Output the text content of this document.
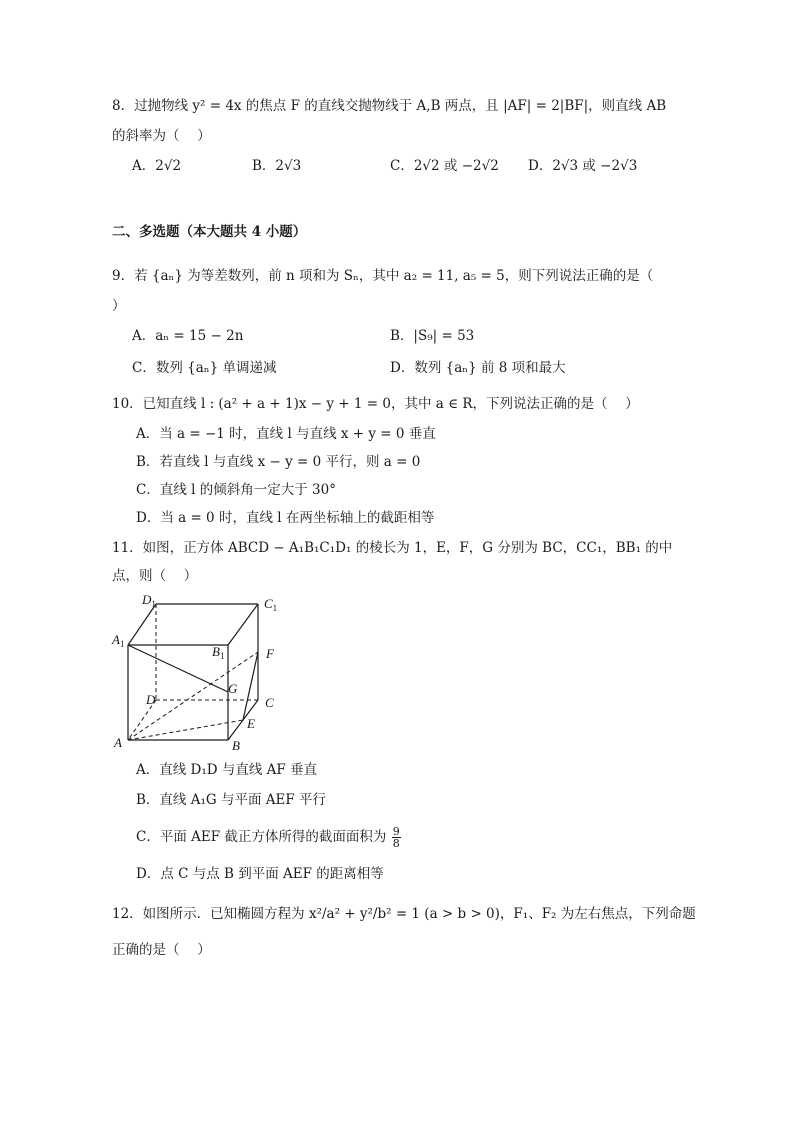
8．过抛物线 y² = 4x 的焦点 F 的直线交抛物线于 A,B 两点，且 |AF| = 2|BF|，则直线 AB
的斜率为（　 ）
A．2√2	B．2√3	C．2√2 或 −2√2 D．2√3 或 −2√3
二、多选题（本大题共 4 小题）
9．若 {aₙ} 为等差数列，前 n 项和为 Sₙ，其中 a₂ = 11, a₅ = 5，则下列说法正确的是（
）
A．aₙ = 15 − 2n	B．|S₉| = 53
C．数列 {aₙ} 单调递减	D．数列 {aₙ} 前 8 项和最大
10．已知直线 l : (a² + a + 1)x − y + 1 = 0，其中 a ∈ R，下列说法正确的是（　 ）
A．当 a = −1 时，直线 l 与直线 x + y = 0 垂直
B．若直线 l 与直线 x − y = 0 平行，则 a = 0
C．直线 l 的倾斜角一定大于 30°
D．当 a = 0 时，直线 l 在两坐标轴上的截距相等
11．如图，正方体 ABCD − A₁B₁C₁D₁ 的棱长为 1，E，F，G 分别为 BC，CC₁，BB₁ 的中
点，则（　 ）
$D_1$	$C_1$
$A_1$	$B_1$	F
G
D	C
E
A	B
A．直线 D₁D 与直线 AF 垂直
B．直线 A₁G 与平面 AEF 平行
C．平面 AEF 截正方体所得的截面面积为 $\frac{9}{8}$
D．点 C 与点 B 到平面 AEF 的距离相等
12．如图所示．已知椭圆方程为 x²/a² + y²/b² = 1 (a > b > 0)，F₁、F₂ 为左右焦点，下列命题
正确的是（　 ）
